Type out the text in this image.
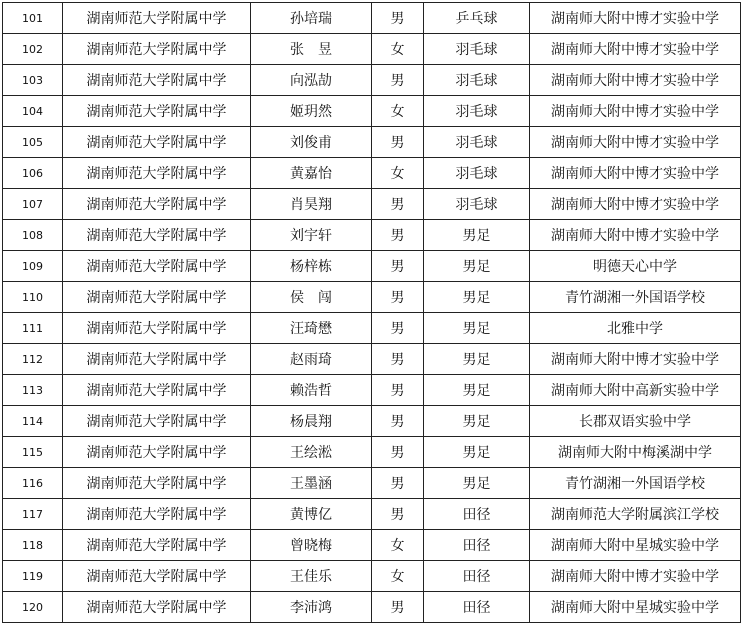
101	湖南师范大学附属中学	孙培瑞	男	乒乓球	湖南师大附中博才实验中学
102	湖南师范大学附属中学	张　昱	女	羽毛球	湖南师大附中博才实验中学
103	湖南师范大学附属中学	向泓劼	男	羽毛球	湖南师大附中博才实验中学
104	湖南师范大学附属中学	姬玥然	女	羽毛球	湖南师大附中博才实验中学
105	湖南师范大学附属中学	刘俊甫	男	羽毛球	湖南师大附中博才实验中学
106	湖南师范大学附属中学	黄嘉怡	女	羽毛球	湖南师大附中博才实验中学
107	湖南师范大学附属中学	肖昊翔	男	羽毛球	湖南师大附中博才实验中学
108	湖南师范大学附属中学	刘宇轩	男	男足	湖南师大附中博才实验中学
109	湖南师范大学附属中学	杨梓栋	男	男足	明德天心中学
110	湖南师范大学附属中学	侯　闯	男	男足	青竹湖湘一外国语学校
111	湖南师范大学附属中学	汪琦懋	男	男足	北雅中学
112	湖南师范大学附属中学	赵雨琦	男	男足	湖南师大附中博才实验中学
113	湖南师范大学附属中学	赖浩哲	男	男足	湖南师大附中高新实验中学
114	湖南师范大学附属中学	杨晨翔	男	男足	长郡双语实验中学
115	湖南师范大学附属中学	王绘淞	男	男足	湖南师大附中梅溪湖中学
116	湖南师范大学附属中学	王墨涵	男	男足	青竹湖湘一外国语学校
117	湖南师范大学附属中学	黄博亿	男	田径	湖南师范大学附属滨江学校
118	湖南师范大学附属中学	曾晓梅	女	田径	湖南师大附中星城实验中学
119	湖南师范大学附属中学	王佳乐	女	田径	湖南师大附中博才实验中学
120	湖南师范大学附属中学	李沛鸿	男	田径	湖南师大附中星城实验中学
